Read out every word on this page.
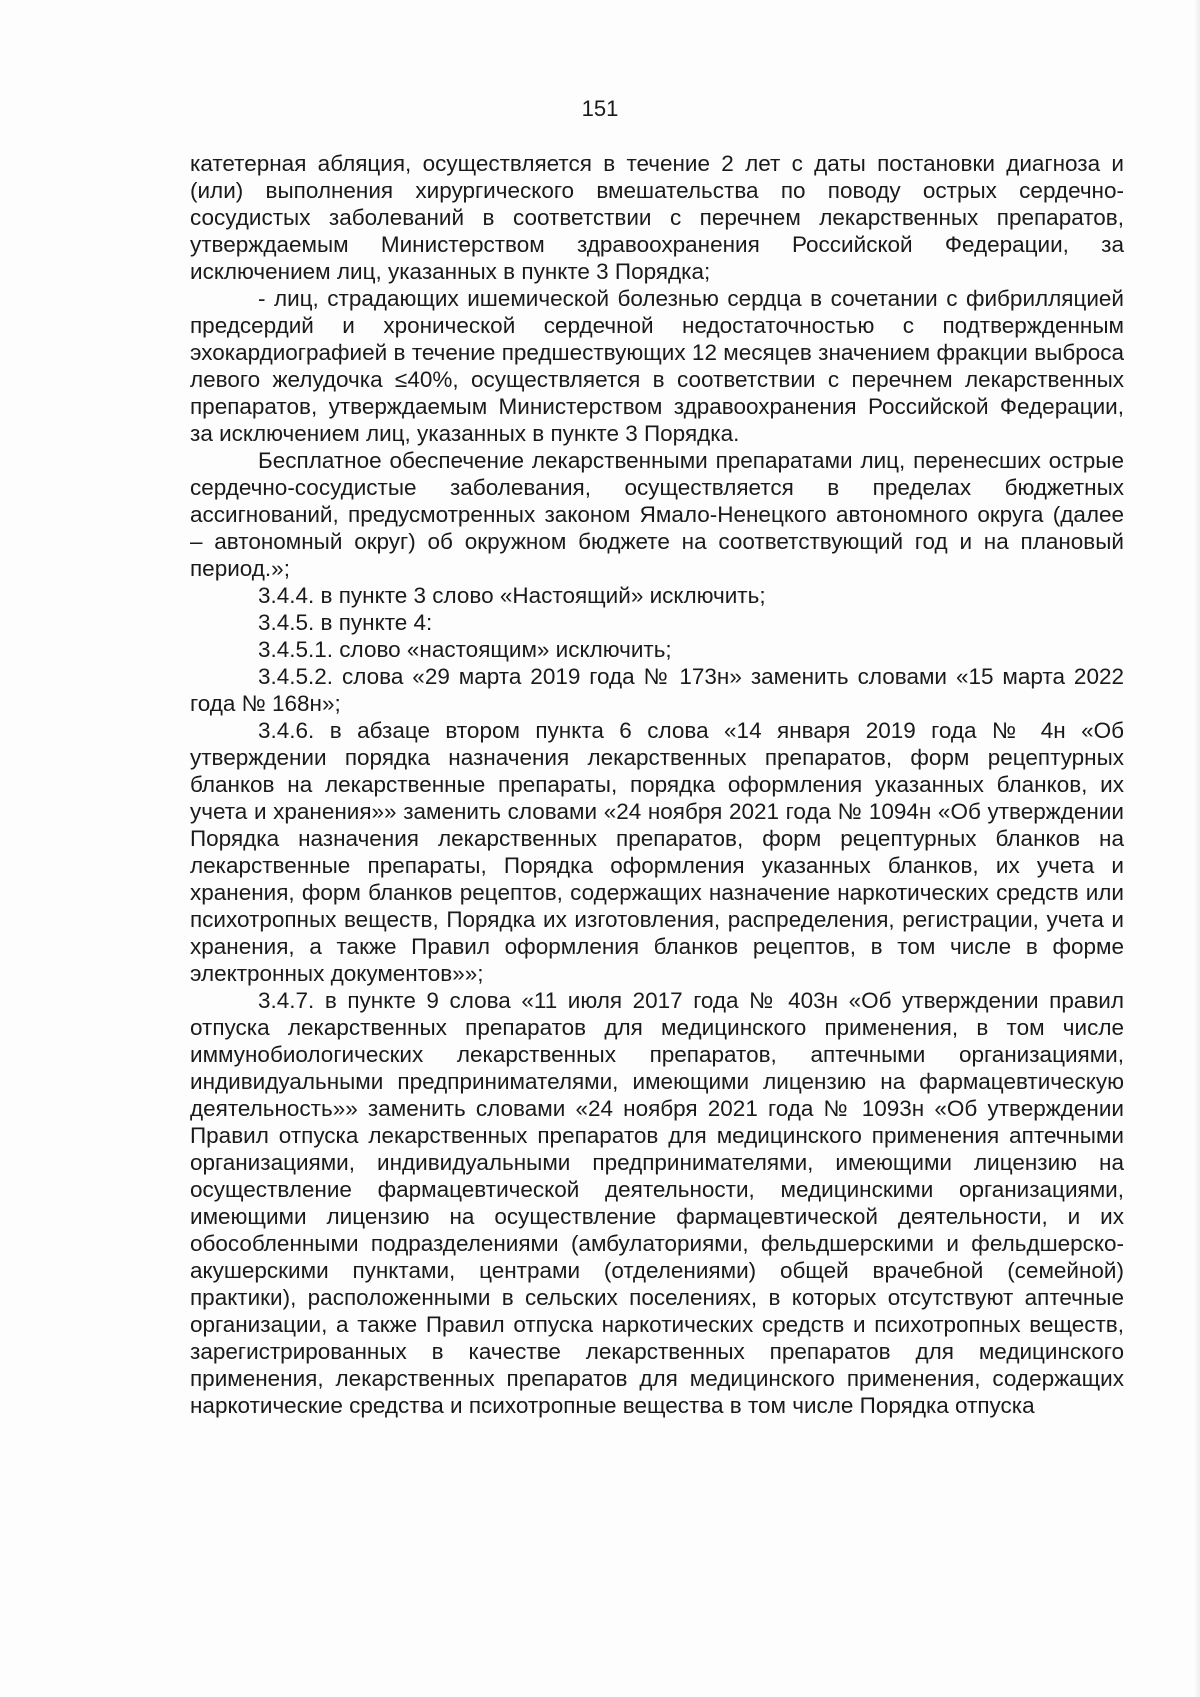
151

катетерная абляция, осуществляется в течение 2 лет с даты постановки диагноза и (или) выполнения хирургического вмешательства по поводу острых сердечно-сосудистых заболеваний в соответствии с перечнем лекарственных препаратов, утверждаемым Министерством здравоохранения Российской Федерации, за исключением лиц, указанных в пункте 3 Порядка;

- лиц, страдающих ишемической болезнью сердца в сочетании с фибрилляцией предсердий и хронической сердечной недостаточностью с подтвержденным эхокардиографией в течение предшествующих 12 месяцев значением фракции выброса левого желудочка ≤40%, осуществляется в соответствии с перечнем лекарственных препаратов, утверждаемым Министерством здравоохранения Российской Федерации, за исключением лиц, указанных в пункте 3 Порядка.

Бесплатное обеспечение лекарственными препаратами лиц, перенесших острые сердечно-сосудистые заболевания, осуществляется в пределах бюджетных ассигнований, предусмотренных законом Ямало-Ненецкого автономного округа (далее – автономный округ) об окружном бюджете на соответствующий год и на плановый период.»;

3.4.4. в пункте 3 слово «Настоящий» исключить;

3.4.5. в пункте 4:

3.4.5.1. слово «настоящим» исключить;

3.4.5.2. слова «29 марта 2019 года № 173н» заменить словами «15 марта 2022 года № 168н»;

3.4.6. в абзаце втором пункта 6 слова «14 января 2019 года № 4н «Об утверждении порядка назначения лекарственных препаратов, форм рецептурных бланков на лекарственные препараты, порядка оформления указанных бланков, их учета и хранения»» заменить словами «24 ноября 2021 года № 1094н «Об утверждении Порядка назначения лекарственных препаратов, форм рецептурных бланков на лекарственные препараты, Порядка оформления указанных бланков, их учета и хранения, форм бланков рецептов, содержащих назначение наркотических средств или психотропных веществ, Порядка их изготовления, распределения, регистрации, учета и хранения, а также Правил оформления бланков рецептов, в том числе в форме электронных документов»»;

3.4.7. в пункте 9 слова «11 июля 2017 года № 403н «Об утверждении правил отпуска лекарственных препаратов для медицинского применения, в том числе иммунобиологических лекарственных препаратов, аптечными организациями, индивидуальными предпринимателями, имеющими лицензию на фармацевтическую деятельность»» заменить словами «24 ноября 2021 года № 1093н «Об утверждении Правил отпуска лекарственных препаратов для медицинского применения аптечными организациями, индивидуальными предпринимателями, имеющими лицензию на осуществление фармацевтической деятельности, медицинскими организациями, имеющими лицензию на осуществление фармацевтической деятельности, и их обособленными подразделениями (амбулаториями, фельдшерскими и фельдшерско-акушерскими пунктами, центрами (отделениями) общей врачебной (семейной) практики), расположенными в сельских поселениях, в которых отсутствуют аптечные организации, а также Правил отпуска наркотических средств и психотропных веществ, зарегистрированных в качестве лекарственных препаратов для медицинского применения, лекарственных препаратов для медицинского применения, содержащих наркотические средства и психотропные вещества в том числе Порядка отпуска
